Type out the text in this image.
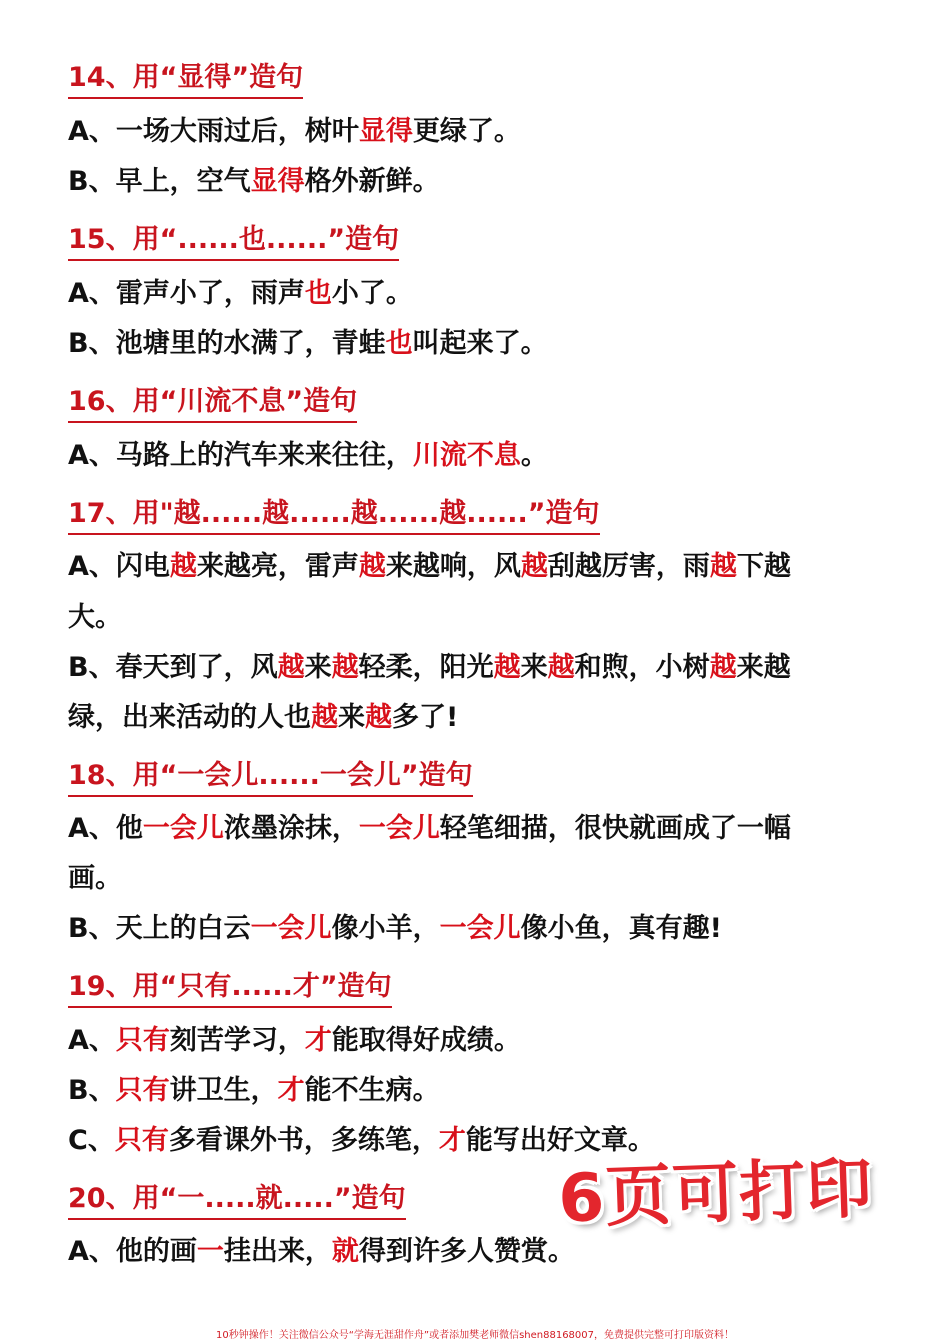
14、用“显得”造句
A、一场大雨过后，树叶显得更绿了。
B、早上，空气显得格外新鲜。
15、用“......也......”造句
A、雷声小了，雨声也小了。
B、池塘里的水满了，青蛙也叫起来了。
16、用“川流不息”造句
A、马路上的汽车来来往往，川流不息。
17、用"越......越......越......越......”造句
A、闪电越来越亮，雷声越来越响，风越刮越厉害，雨越下越
大。
B、春天到了，风越来越轻柔，阳光越来越和煦，小树越来越
绿，出来活动的人也越来越多了!
18、用“一会儿......一会儿”造句
A、他一会儿浓墨涂抹，一会儿轻笔细描，很快就画成了一幅
画。
B、天上的白云一会儿像小羊，一会儿像小鱼，真有趣!
19、用“只有......才”造句
A、只有刻苦学习，才能取得好成绩。
B、只有讲卫生，才能不生病。
C、只有多看课外书，多练笔，才能写出好文章。
20、用“一.....就.....”造句
A、他的画一挂出来，就得到许多人赞赏。
6页可打印
10秒钟操作！关注微信公众号“学海无涯甜作舟”或者添加樊老师微信shen88168007，免费提供完整可打印版资料！
